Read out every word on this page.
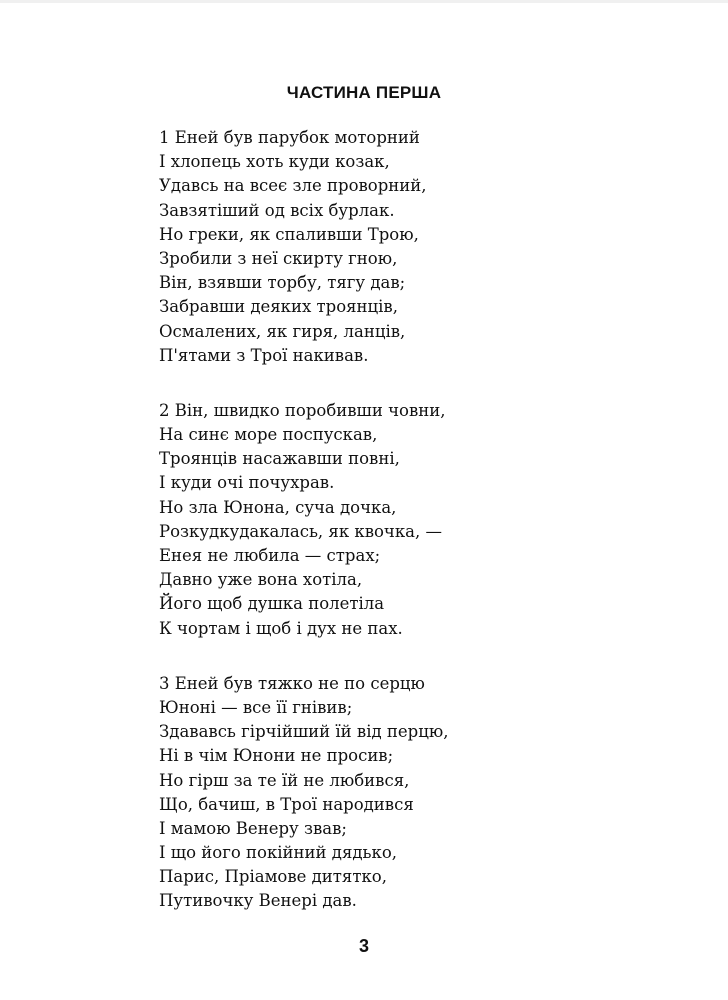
ЧАСТИНА ПЕРША
1 Еней був парубок моторний
І хлопець хоть куди козак,
Удавсь на всеє зле проворний,
Завзятіший од всіх бурлак.
Но греки, як спаливши Трою,
Зробили з неї скирту гною,
Він, взявши торбу, тягу дав;
Забравши деяких троянців,
Осмалених, як гиря, ланців,
П'ятами з Трої накивав.
2 Він, швидко поробивши човни,
На синє море поспускав,
Троянців насажавши повні,
І куди очі почухрав.
Но зла Юнона, суча дочка,
Розкудкудакалась, як квочка, —
Енея не любила — страх;
Давно уже вона хотіла,
Його щоб душка полетіла
К чортам і щоб і дух не пах.
3 Еней був тяжко не по серцю
Юноні — все її гнівив;
Здававсь гірчійший їй від перцю,
Ні в чім Юнони не просив;
Но гірш за те їй не любився,
Що, бачиш, в Трої народився
І мамою Венеру звав;
І що його покійний дядько,
Парис, Пріамове дитятко,
Путивочку Венері дав.
3
